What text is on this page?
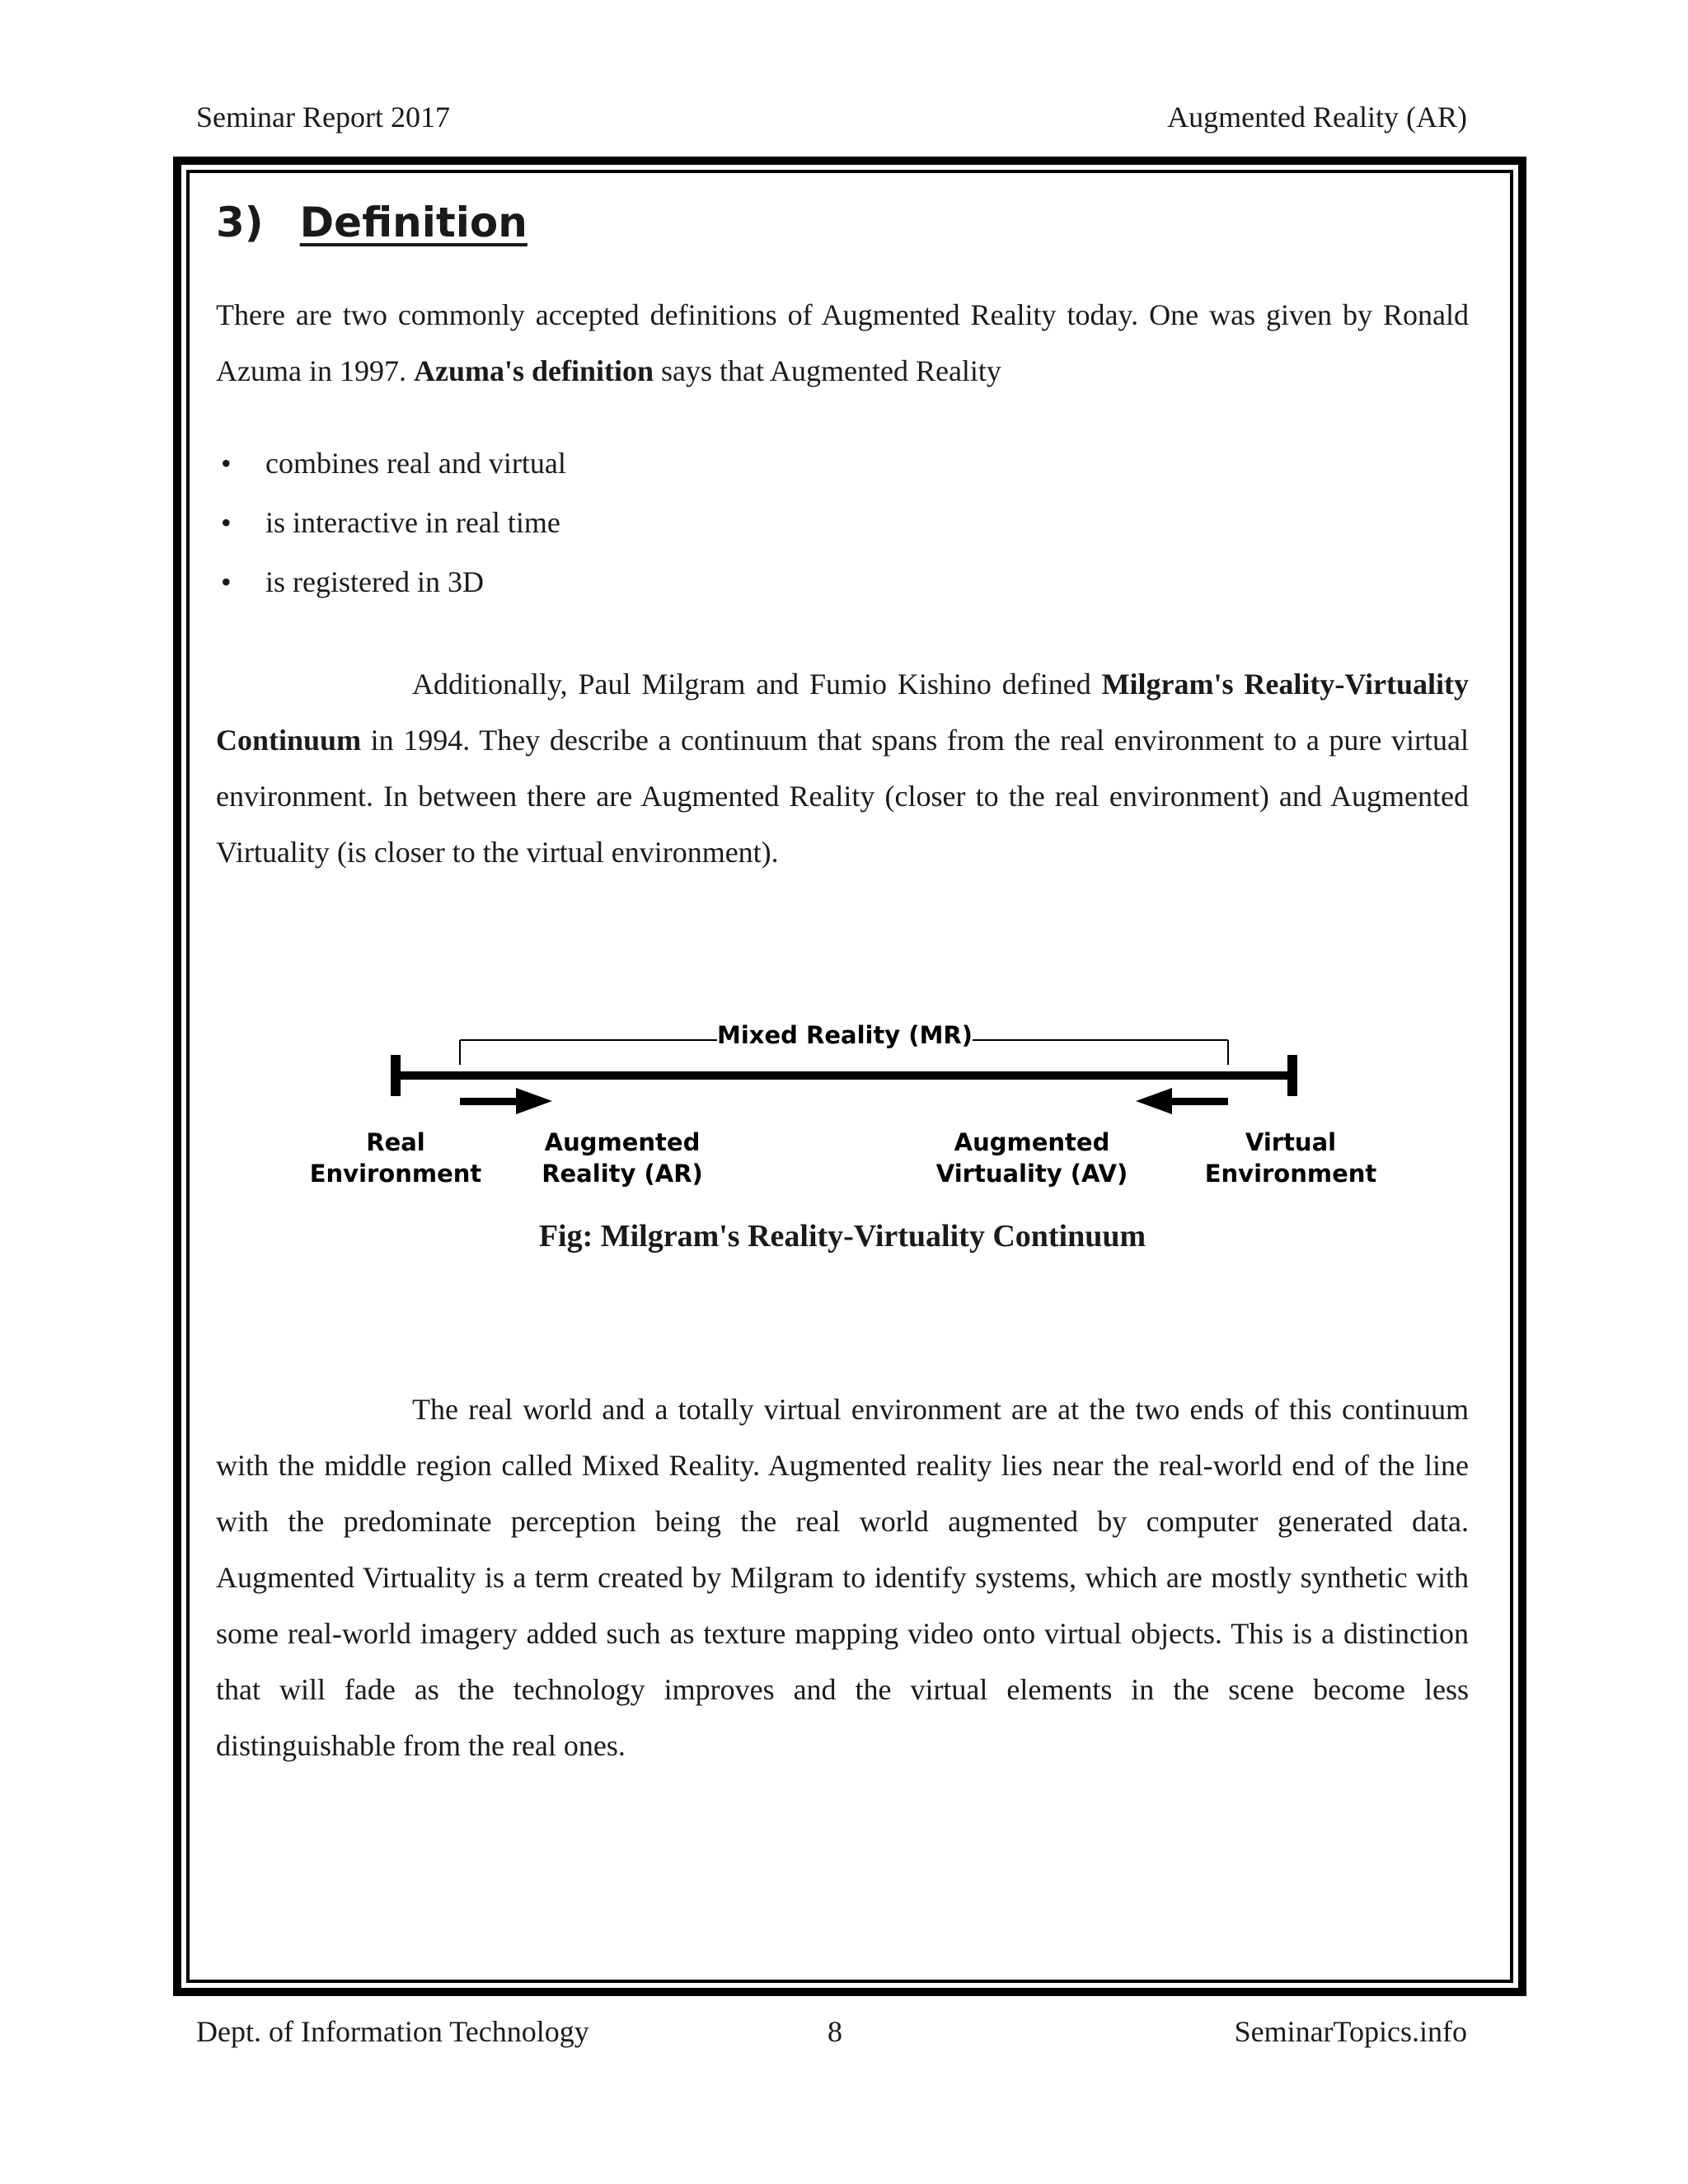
Seminar Report 2017	Augmented Reality (AR)
3) Definition

There are two commonly accepted definitions of Augmented Reality today. One was given by Ronald Azuma in 1997. Azuma's definition says that Augmented Reality

• combines real and virtual
• is interactive in real time
• is registered in 3D

Additionally, Paul Milgram and Fumio Kishino defined Milgram's Reality-Virtuality Continuum in 1994. They describe a continuum that spans from the real environment to a pure virtual environment. In between there are Augmented Reality (closer to the real environment) and Augmented Virtuality (is closer to the virtual environment).

Mixed Reality (MR)
Real
Environment
Augmented
Reality (AR)
Augmented
Virtuality (AV)
Virtual
Environment
Fig: Milgram's Reality-Virtuality Continuum

The real world and a totally virtual environment are at the two ends of this continuum with the middle region called Mixed Reality. Augmented reality lies near the real-world end of the line with the predominate perception being the real world augmented by computer generated data. Augmented Virtuality is a term created by Milgram to identify systems, which are mostly synthetic with some real-world imagery added such as texture mapping video onto virtual objects. This is a distinction that will fade as the technology improves and the virtual elements in the scene become less distinguishable from the real ones.

Dept. of Information Technology	8	SeminarTopics.info
